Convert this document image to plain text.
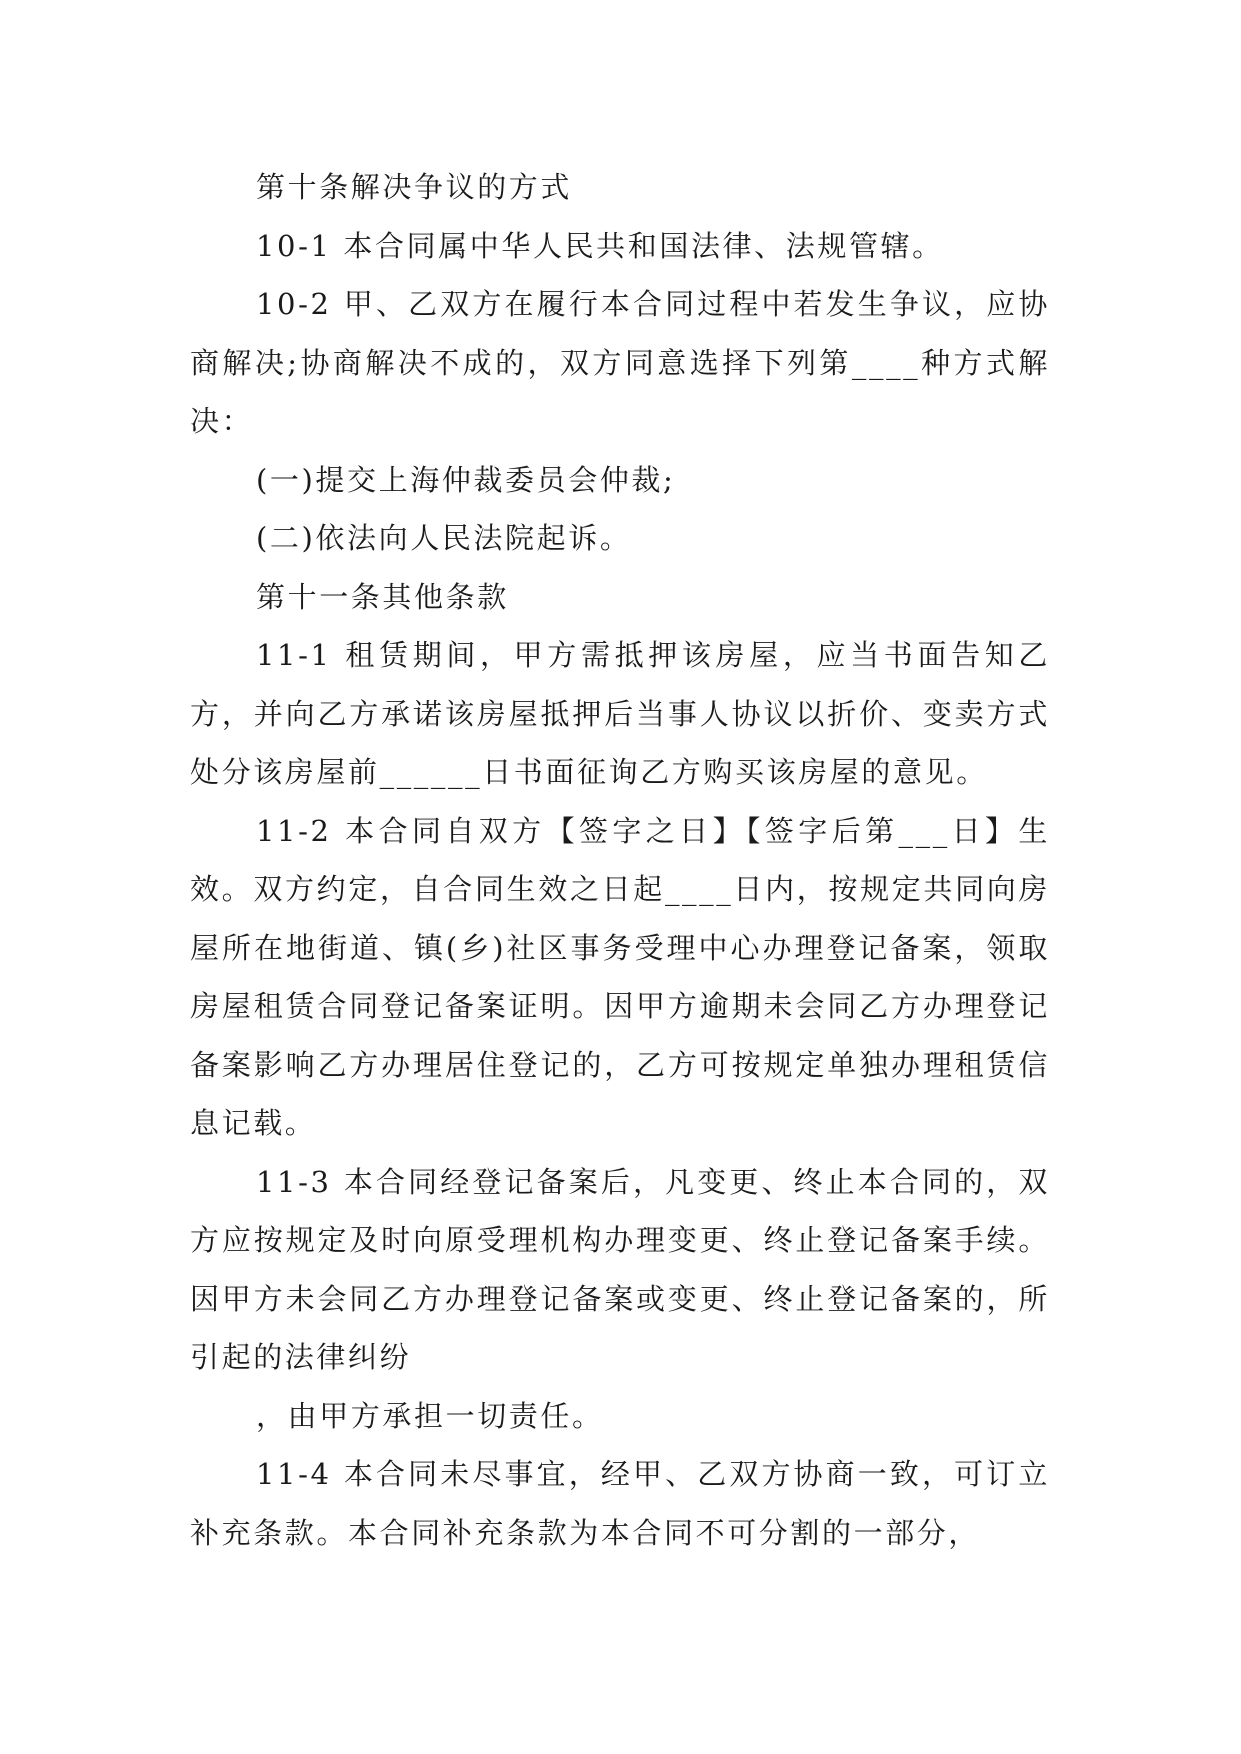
第十条解决争议的方式

10-1 本合同属中华人民共和国法律、法规管辖。

10-2 甲、乙双方在履行本合同过程中若发生争议，应协商解决;协商解决不成的，双方同意选择下列第____种方式解决：

(一)提交上海仲裁委员会仲裁;

(二)依法向人民法院起诉。

第十一条其他条款

11-1 租赁期间，甲方需抵押该房屋，应当书面告知乙方，并向乙方承诺该房屋抵押后当事人协议以折价、变卖方式处分该房屋前______日书面征询乙方购买该房屋的意见。

11-2 本合同自双方【签字之日】【签字后第___日】生效。双方约定，自合同生效之日起____日内，按规定共同向房屋所在地街道、镇(乡)社区事务受理中心办理登记备案，领取房屋租赁合同登记备案证明。因甲方逾期未会同乙方办理登记备案影响乙方办理居住登记的，乙方可按规定单独办理租赁信息记载。

11-3 本合同经登记备案后，凡变更、终止本合同的，双方应按规定及时向原受理机构办理变更、终止登记备案手续。因甲方未会同乙方办理登记备案或变更、终止登记备案的，所引起的法律纠纷

，由甲方承担一切责任。

11-4 本合同未尽事宜，经甲、乙双方协商一致，可订立补充条款。本合同补充条款为本合同不可分割的一部分，
